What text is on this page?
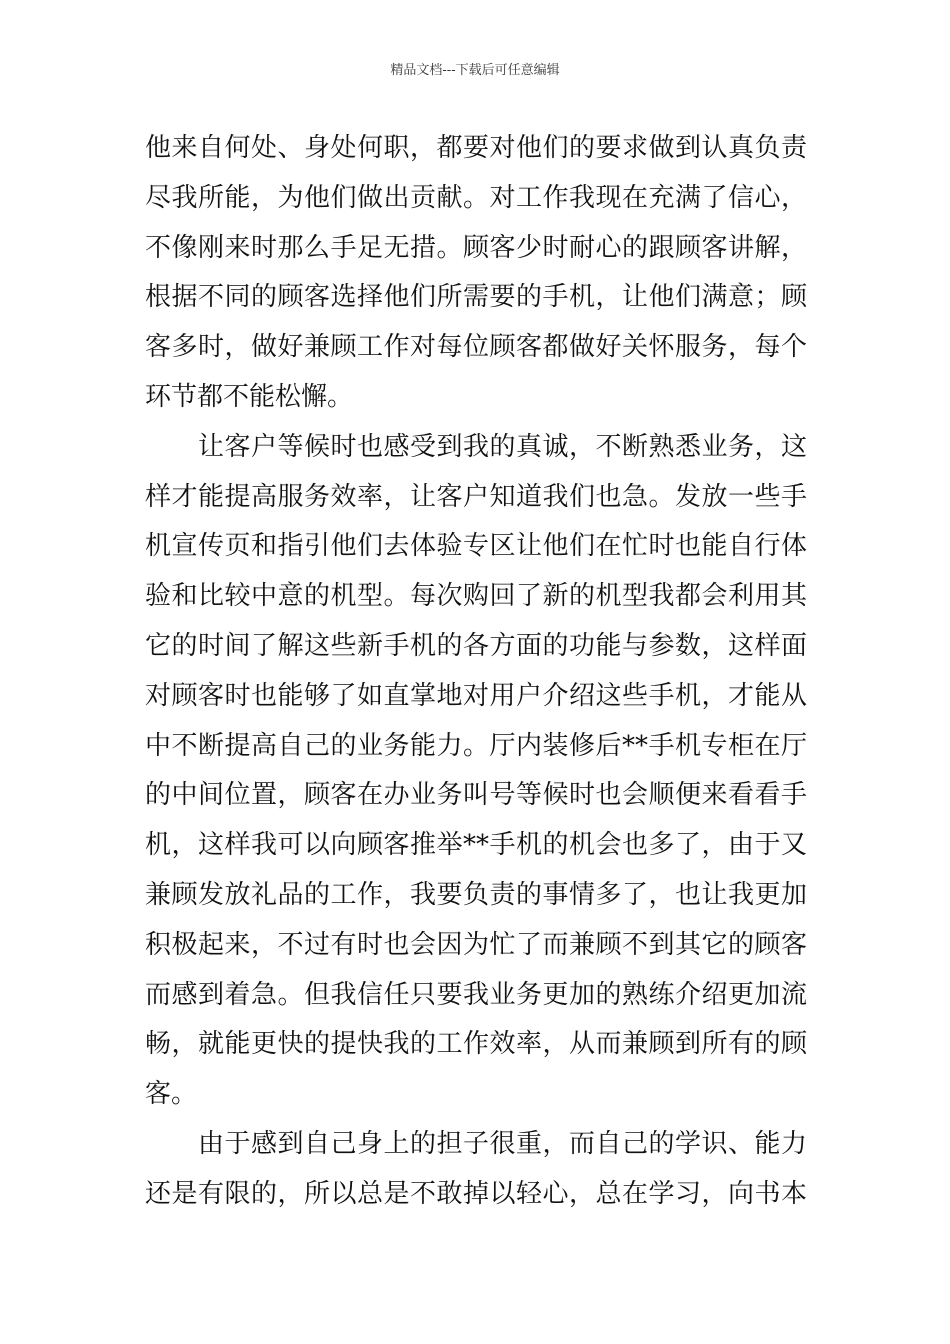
精品文档---下载后可任意编辑
他来自何处、身处何职，都要对他们的要求做到认真负责
尽我所能，为他们做出贡献。对工作我现在充满了信心，
不像刚来时那么手足无措。顾客少时耐心的跟顾客讲解，
根据不同的顾客选择他们所需要的手机，让他们满意；顾
客多时，做好兼顾工作对每位顾客都做好关怀服务，每个
环节都不能松懈。
　　让客户等候时也感受到我的真诚，不断熟悉业务，这
样才能提高服务效率，让客户知道我们也急。发放一些手
机宣传页和指引他们去体验专区让他们在忙时也能自行体
验和比较中意的机型。每次购回了新的机型我都会利用其
它的时间了解这些新手机的各方面的功能与参数，这样面
对顾客时也能够了如直掌地对用户介绍这些手机，才能从
中不断提高自己的业务能力。厅内装修后**手机专柜在厅
的中间位置，顾客在办业务叫号等候时也会顺便来看看手
机，这样我可以向顾客推举**手机的机会也多了，由于又
兼顾发放礼品的工作，我要负责的事情多了，也让我更加
积极起来，不过有时也会因为忙了而兼顾不到其它的顾客
而感到着急。但我信任只要我业务更加的熟练介绍更加流
畅，就能更快的提快我的工作效率，从而兼顾到所有的顾
客。
　　由于感到自己身上的担子很重，而自己的学识、能力
还是有限的，所以总是不敢掉以轻心，总在学习，向书本
